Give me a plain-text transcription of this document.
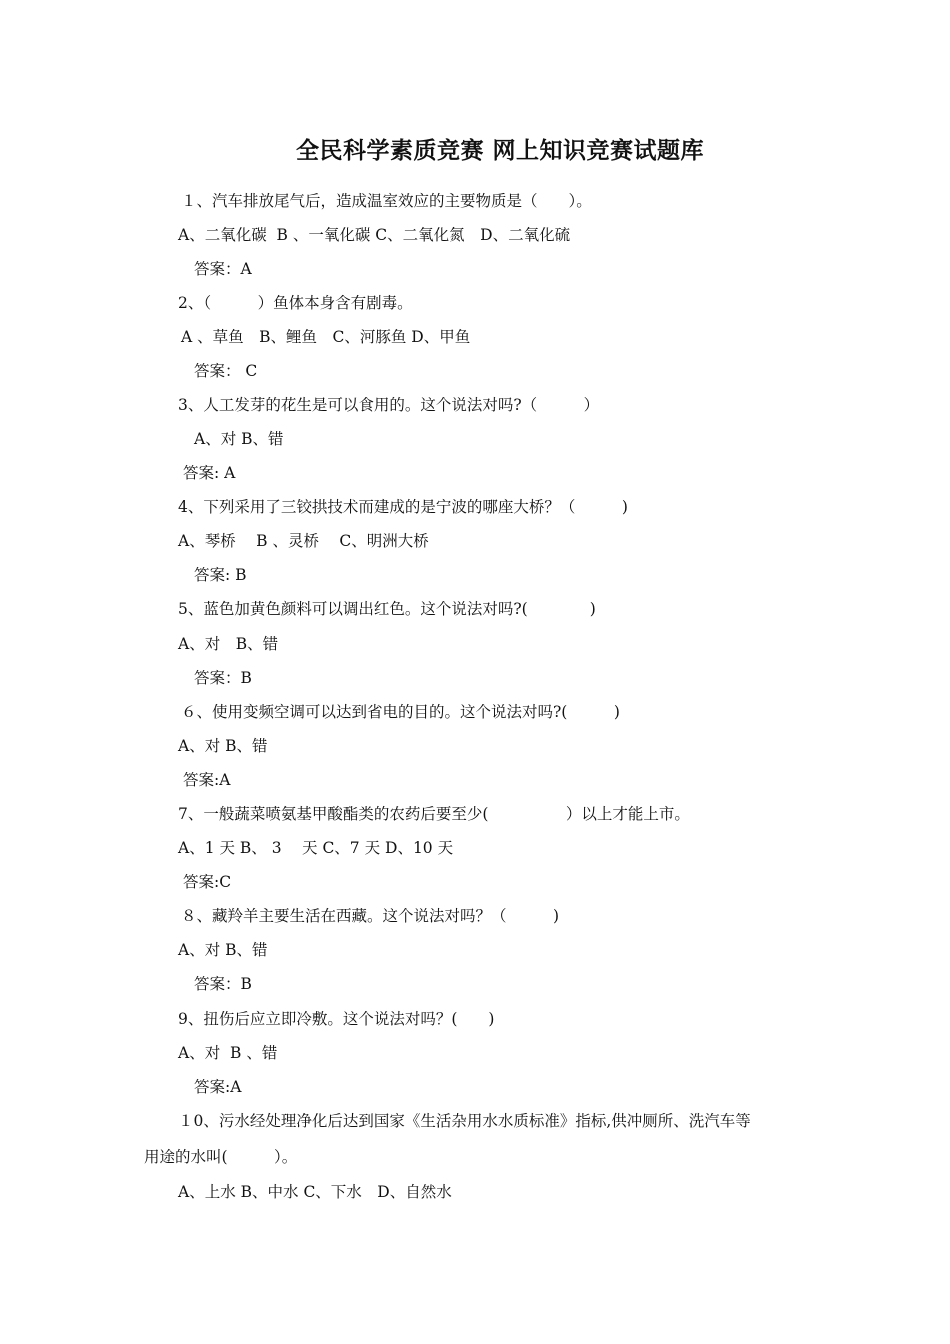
全民科学素质竞赛 网上知识竞赛试题库
１、汽车排放尾气后，造成温室效应的主要物质是（　　）。
A、二氧化碳  B 、一氧化碳 C、二氧化氮　D、二氧化硫
答案：A
2、（　　　）鱼体本身含有剧毒。
A 、草鱼　B、鲤鱼　C、河豚鱼 D、甲鱼
答案： C
3、人工发芽的花生是可以食用的。这个说法对吗?（　　　）
A、对 B、错
答案: A
4、下列采用了三铰拱技术而建成的是宁波的哪座大桥？（　　　)
A、琴桥　 B 、灵桥　 C、明洲大桥
答案: B
5、蓝色加黄色颜料可以调出红色。这个说法对吗?(　　　　)
A、对　B、错
答案：B
６、使用变频空调可以达到省电的目的。这个说法对吗?(　　　)
A、对 B、错
答案:A
7、一般蔬菜喷氨基甲酸酯类的农药后要至少(　　　　　）以上才能上市。
A、1 天 B、 3　 天 C、7 天 D、10 天
答案:C
８、藏羚羊主要生活在西藏。这个说法对吗？（　　　)
A、对 B、错
答案：B
9、扭伤后应立即冷敷。这个说法对吗？(　　)
A、对  B 、错
答案:A
１0、污水经处理净化后达到国家《生活杂用水水质标准》指标,供冲厕所、洗汽车等
用途的水叫(　　　）。
A、上水 B、中水 C、下水　D、自然水
